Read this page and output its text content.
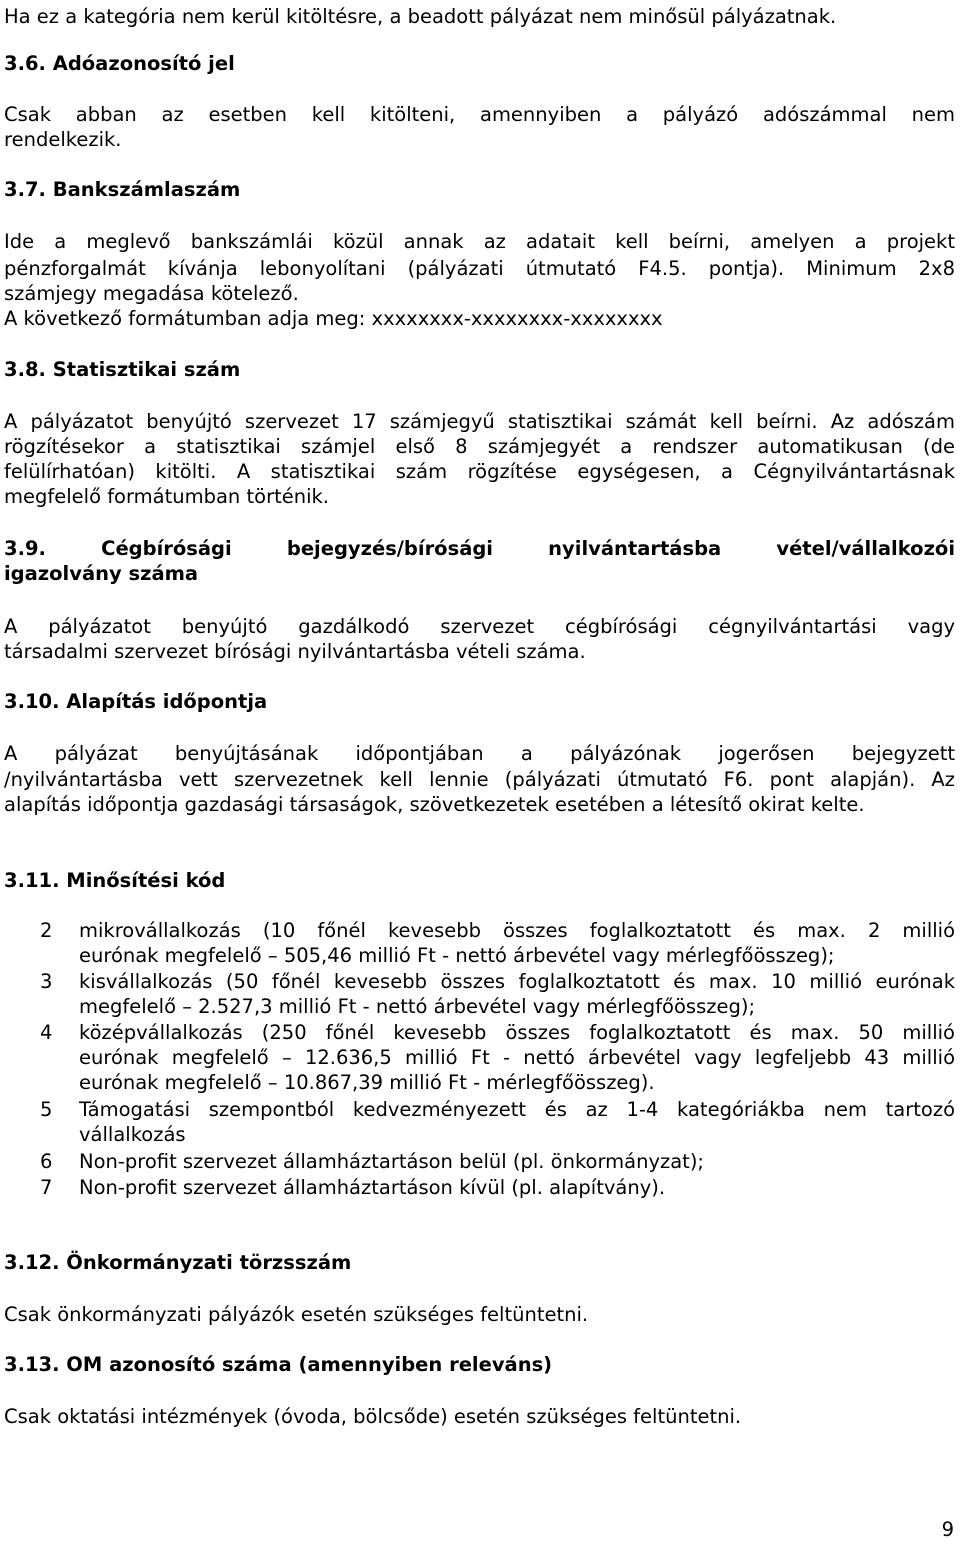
Ha ez a kategória nem kerül kitöltésre, a beadott pályázat nem minősül pályázatnak.
3.6. Adóazonosító jel
Csak abban az esetben kell kitölteni, amennyiben a pályázó adószámmal nem
rendelkezik.
3.7. Bankszámlaszám
Ide a meglevő bankszámlái közül annak az adatait kell beírni, amelyen a projekt
pénzforgalmát kívánja lebonyolítani (pályázati útmutató F4.5. pontja). Minimum 2x8
számjegy megadása kötelező.
A következő formátumban adja meg: xxxxxxxx-xxxxxxxx-xxxxxxxx
3.8. Statisztikai szám
A pályázatot benyújtó szervezet 17 számjegyű statisztikai számát kell beírni. Az adószám
rögzítésekor a statisztikai számjel első 8 számjegyét a rendszer automatikusan (de
felülírhatóan) kitölti. A statisztikai szám rögzítése egységesen, a Cégnyilvántartásnak
megfelelő formátumban történik.
3.9. Cégbírósági bejegyzés/bírósági nyilvántartásba vétel/vállalkozói
igazolvány száma
A pályázatot benyújtó gazdálkodó szervezet cégbírósági cégnyilvántartási vagy
társadalmi szervezet bírósági nyilvántartásba vételi száma.
3.10. Alapítás időpontja
A pályázat benyújtásának időpontjában a pályázónak jogerősen bejegyzett
/nyilvántartásba vett szervezetnek kell lennie (pályázati útmutató F6. pont alapján). Az
alapítás időpontja gazdasági társaságok, szövetkezetek esetében a létesítő okirat kelte.
3.11. Minősítési kód
2 mikrovállalkozás (10 főnél kevesebb összes foglalkoztatott és max. 2 millió
eurónak megfelelő – 505,46 millió Ft - nettó árbevétel vagy mérlegfőösszeg);
3 kisvállalkozás (50 főnél kevesebb összes foglalkoztatott és max. 10 millió eurónak
megfelelő – 2.527,3 millió Ft - nettó árbevétel vagy mérlegfőösszeg);
4 középvállalkozás (250 főnél kevesebb összes foglalkoztatott és max. 50 millió
eurónak megfelelő – 12.636,5 millió Ft - nettó árbevétel vagy legfeljebb 43 millió
eurónak megfelelő – 10.867,39 millió Ft - mérlegfőösszeg).
5 Támogatási szempontból kedvezményezett és az 1-4 kategóriákba nem tartozó
vállalkozás
6 Non-profit szervezet államháztartáson belül (pl. önkormányzat);
7 Non-profit szervezet államháztartáson kívül (pl. alapítvány).
3.12. Önkormányzati törzsszám
Csak önkormányzati pályázók esetén szükséges feltüntetni.
3.13. OM azonosító száma (amennyiben releváns)
Csak oktatási intézmények (óvoda, bölcsőde) esetén szükséges feltüntetni.
9
